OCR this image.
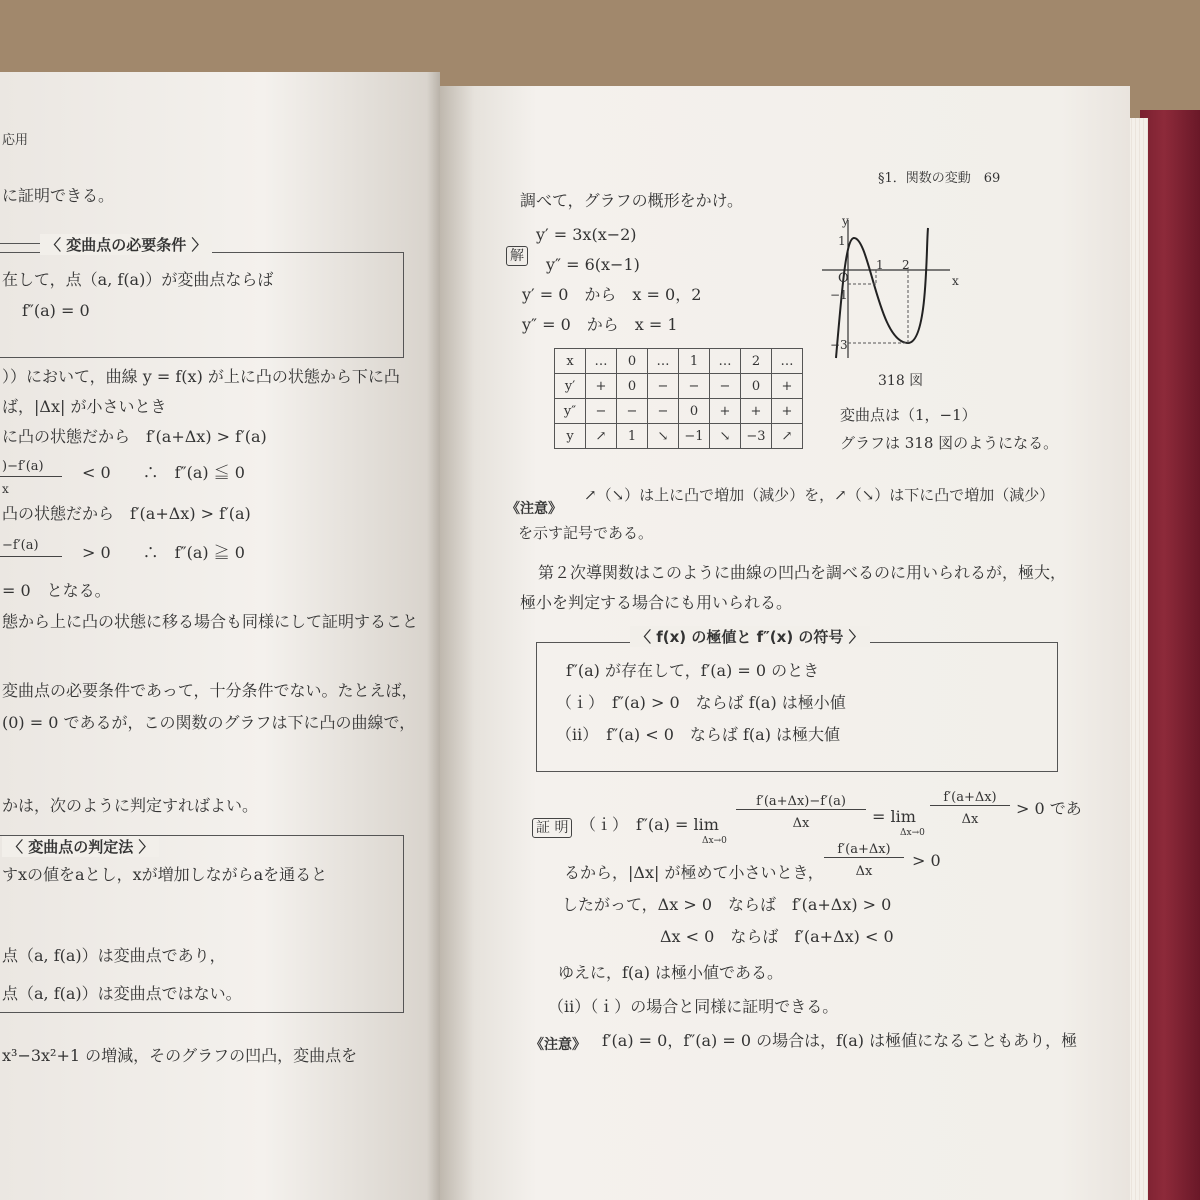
応用
に証明できる。
〈 変曲点の必要条件 〉
在して，点（a, f(a)）が変曲点ならば
f″(a) = 0
））において，曲線 y = f(x) が上に凸の状態から下に凸
ば，|Δx| が小さいとき
に凸の状態だから　f′(a+Δx) > f′(a)
)−f′(a) < 0　　∴　f″(a) ≦ 0
x
凸の状態だから　f′(a+Δx) > f′(a)
−f′(a)	> 0　　∴　f″(a) ≧ 0
= 0　となる。
態から上に凸の状態に移る場合も同様にして証明すること
変曲点の必要条件であって，十分条件でない。たとえば，
(0) = 0 であるが，この関数のグラフは下に凸の曲線で，
かは，次のように判定すればよい。
〈 変曲点の判定法 〉
すxの値をaとし，xが増加しながらaを通ると
点（a, f(a)）は変曲点であり，
点（a, f(a)）は変曲点ではない。
x³−3x²+1 の増減，そのグラフの凹凸，変曲点を
§1．関数の変動　69
調べて，グラフの概形をかけ。
解
y′ = 3x(x−2)
y″ = 6(x−1)
y′ = 0　から　x = 0，2
y″ = 0　から　x = 1
x	…	0	…	1	…	2	…
y′	+	0	−	−	−	0	+
y″	−	−	−	0	+	+	+
y	↗	1	↘	−1	↘	−3	↗
y
x
O
1
1 2
−1
−3
318 図
変曲点は（1，−1）
グラフは 318 図のようになる。
《注意》
↗（↘）は上に凸で増加（減少）を，↗（↘）は下に凸で増加（減少）
を示す記号である。
第２次導関数はこのように曲線の凹凸を調べるのに用いられるが，極大，
極小を判定する場合にも用いられる。
〈 f(x) の極値と f″(x) の符号 〉
f″(a) が存在して，f′(a) = 0 のとき
（ｉ）　f″(a) > 0　ならば f(a) は極小値
（ii）　f″(a) < 0　ならば f(a) は極大値
証 明 （ｉ）　f″(a) = lim
Δx→0
f′(a+Δx)−f′(a)
Δx	= lim
Δx→0
f′(a+Δx)
Δx
> 0 であ
るから，|Δx| が極めて小さいとき，
f′(a+Δx)
Δx
> 0
したがって，Δx > 0　ならば　f′(a+Δx) > 0
Δx < 0　ならば　f′(a+Δx) < 0
ゆえに，f(a) は極小値である。
（ii）（ｉ）の場合と同様に証明できる。
《注意》 f′(a) = 0，f″(a) = 0 の場合は，f(a) は極値になることもあり，極
